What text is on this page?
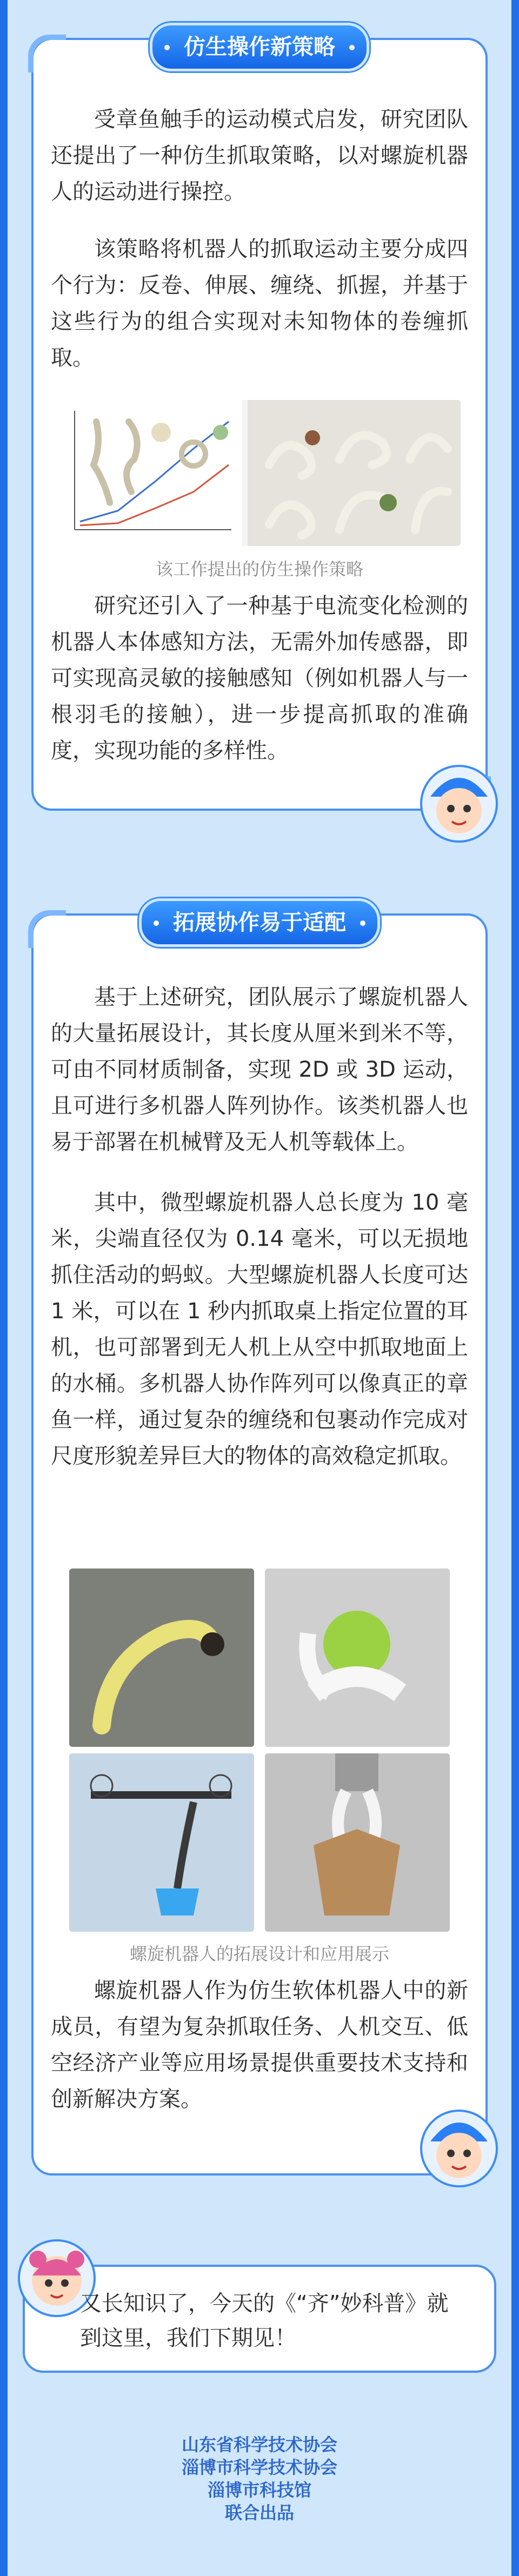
仿生操作新策略

受章鱼触手的运动模式启发，研究团队还提出了一种仿生抓取策略，以对螺旋机器人的运动进行操控。

该策略将机器人的抓取运动主要分成四个行为：反卷、伸展、缠绕、抓握，并基于这些行为的组合实现对未知物体的卷缠抓取。

该工作提出的仿生操作策略

研究还引入了一种基于电流变化检测的机器人本体感知方法，无需外加传感器，即可实现高灵敏的接触感知（例如机器人与一根羽毛的接触），进一步提高抓取的准确度，实现功能的多样性。

拓展协作易于适配

基于上述研究，团队展示了螺旋机器人的大量拓展设计，其长度从厘米到米不等，可由不同材质制备，实现 2D 或 3D 运动，且可进行多机器人阵列协作。该类机器人也易于部署在机械臂及无人机等载体上。

其中，微型螺旋机器人总长度为 10 毫米，尖端直径仅为 0.14 毫米，可以无损地抓住活动的蚂蚁。大型螺旋机器人长度可达 1 米，可以在 1 秒内抓取桌上指定位置的耳机，也可部署到无人机上从空中抓取地面上的水桶。多机器人协作阵列可以像真正的章鱼一样，通过复杂的缠绕和包裹动作完成对尺度形貌差异巨大的物体的高效稳定抓取。

螺旋机器人的拓展设计和应用展示

螺旋机器人作为仿生软体机器人中的新成员，有望为复杂抓取任务、人机交互、低空经济产业等应用场景提供重要技术支持和创新解决方案。

又长知识了，今天的《“齐”妙科普》就到这里，我们下期见！

山东省科学技术协会

淄博市科学技术协会

淄博市科技馆

联合出品
